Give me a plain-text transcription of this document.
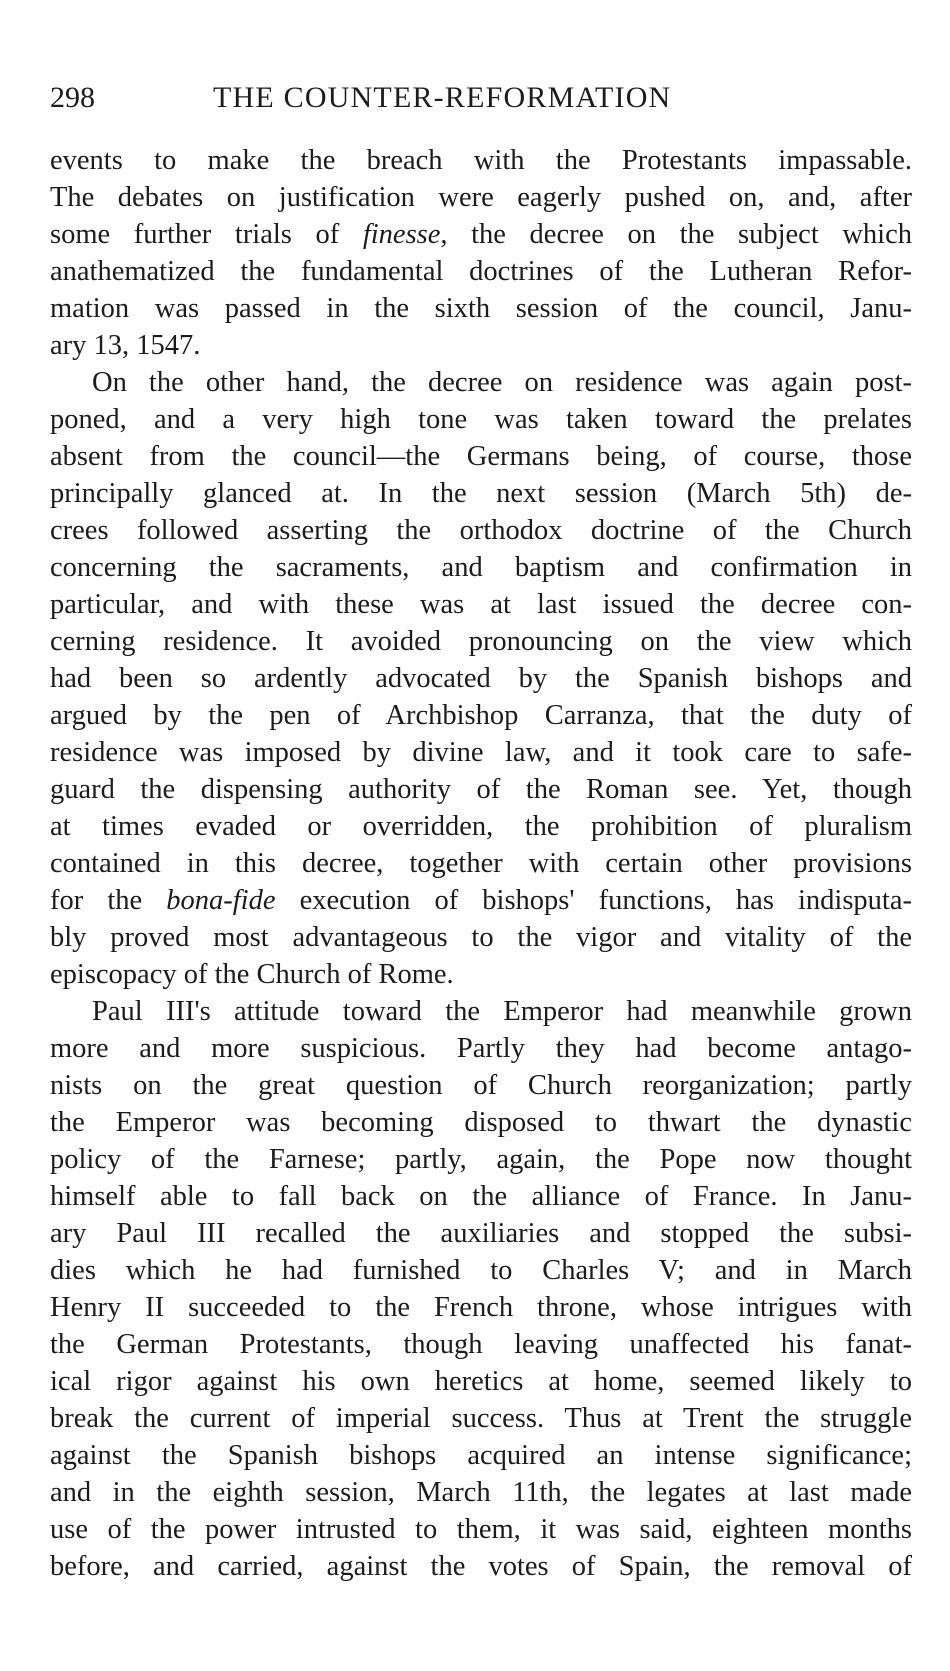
298	THE COUNTER-REFORMATION
events to make the breach with the Protestants impassable.
The debates on justification were eagerly pushed on, and, after
some further trials of finesse, the decree on the subject which
anathematized the fundamental doctrines of the Lutheran Refor-
mation was passed in the sixth session of the council, Janu-
ary 13, 1547.
On the other hand, the decree on residence was again post-
poned, and a very high tone was taken toward the prelates
absent from the council—the Germans being, of course, those
principally glanced at. In the next session (March 5th) de-
crees followed asserting the orthodox doctrine of the Church
concerning the sacraments, and baptism and confirmation in
particular, and with these was at last issued the decree con-
cerning residence. It avoided pronouncing on the view which
had been so ardently advocated by the Spanish bishops and
argued by the pen of Archbishop Carranza, that the duty of
residence was imposed by divine law, and it took care to safe-
guard the dispensing authority of the Roman see. Yet, though
at times evaded or overridden, the prohibition of pluralism
contained in this decree, together with certain other provisions
for the bona-fide execution of bishops' functions, has indisputa-
bly proved most advantageous to the vigor and vitality of the
episcopacy of the Church of Rome.
Paul III's attitude toward the Emperor had meanwhile grown
more and more suspicious. Partly they had become antago-
nists on the great question of Church reorganization; partly
the Emperor was becoming disposed to thwart the dynastic
policy of the Farnese; partly, again, the Pope now thought
himself able to fall back on the alliance of France. In Janu-
ary Paul III recalled the auxiliaries and stopped the subsi-
dies which he had furnished to Charles V; and in March
Henry II succeeded to the French throne, whose intrigues with
the German Protestants, though leaving unaffected his fanat-
ical rigor against his own heretics at home, seemed likely to
break the current of imperial success. Thus at Trent the struggle
against the Spanish bishops acquired an intense significance;
and in the eighth session, March 11th, the legates at last made
use of the power intrusted to them, it was said, eighteen months
before, and carried, against the votes of Spain, the removal of
